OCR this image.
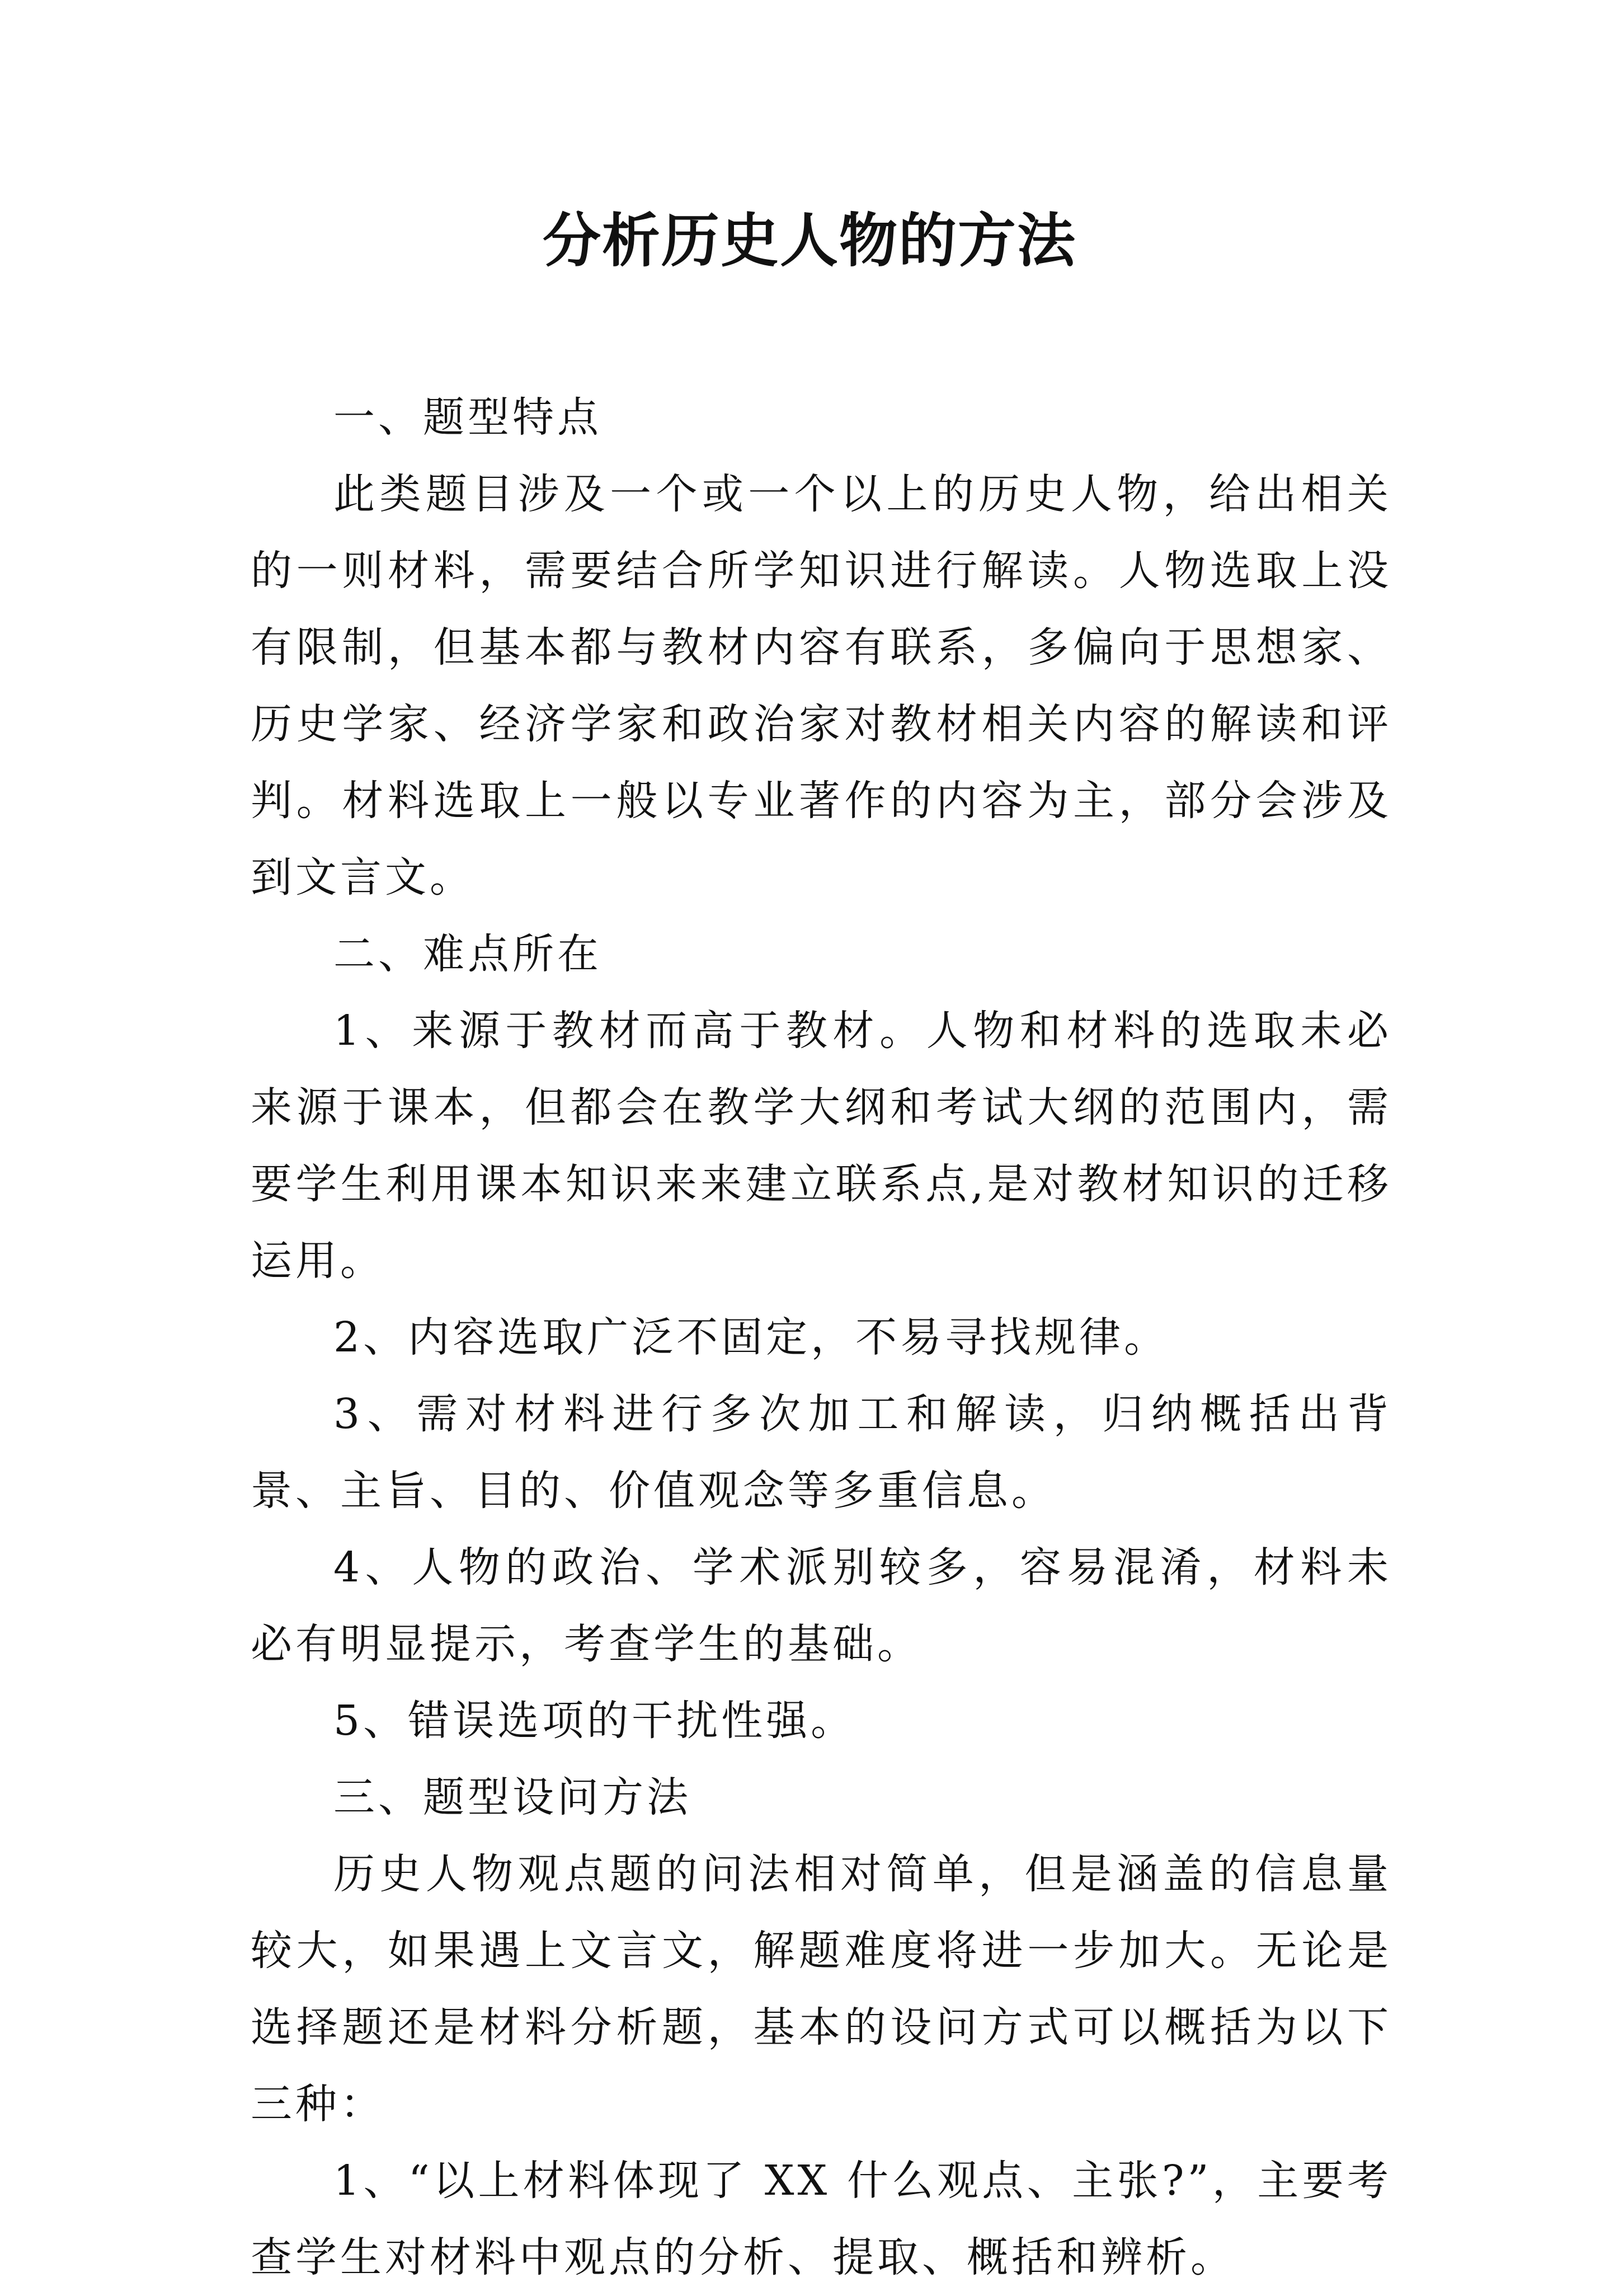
分析历史人物的方法

一、题型特点

此类题目涉及一个或一个以上的历史人物，给出相关的一则材料，需要结合所学知识进行解读。人物选取上没有限制，但基本都与教材内容有联系，多偏向于思想家、历史学家、经济学家和政治家对教材相关内容的解读和评判。材料选取上一般以专业著作的内容为主，部分会涉及到文言文。

二、难点所在

1、来源于教材而高于教材。人物和材料的选取未必来源于课本，但都会在教学大纲和考试大纲的范围内，需要学生利用课本知识来来建立联系点,是对教材知识的迁移运用。

2、内容选取广泛不固定，不易寻找规律。

3、需对材料进行多次加工和解读，归纳概括出背景、主旨、目的、价值观念等多重信息。

4、人物的政治、学术派别较多，容易混淆，材料未必有明显提示，考查学生的基础。

5、错误选项的干扰性强。

三、题型设问方法

历史人物观点题的问法相对简单，但是涵盖的信息量较大，如果遇上文言文，解题难度将进一步加大。无论是选择题还是材料分析题，基本的设问方式可以概括为以下三种：

1、“以上材料体现了 XX 什么观点、主张?”，主要考查学生对材料中观点的分析、提取、概括和辨析。
